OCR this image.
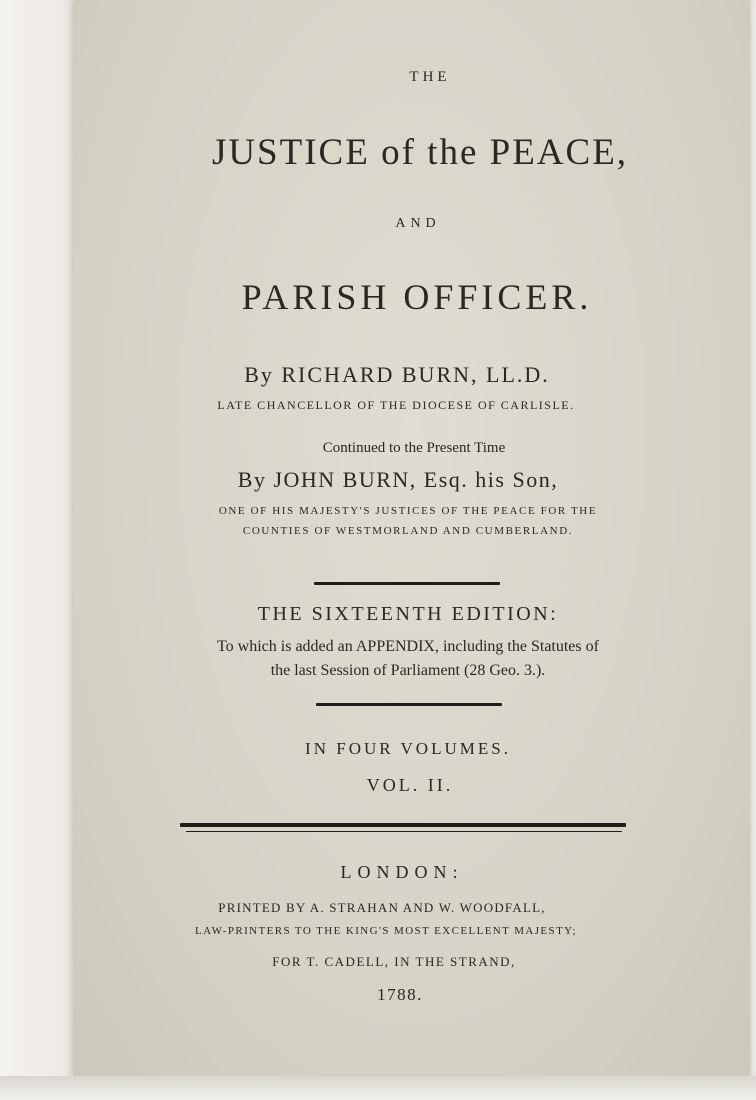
THE
JUSTICE of the PEACE,
AND
PARISH OFFICER.
By RICHARD BURN, LL.D.
LATE CHANCELLOR OF THE DIOCESE OF CARLISLE.
Continued to the Present Time
By JOHN BURN, Esq. his Son,
ONE OF HIS MAJESTY'S JUSTICES OF THE PEACE FOR THE
COUNTIES OF WESTMORLAND AND CUMBERLAND.
THE SIXTEENTH EDITION:
To which is added an APPENDIX, including the Statutes of
the last Session of Parliament (28 Geo. 3.).
IN FOUR VOLUMES.
VOL. II.
LONDON:
PRINTED BY A. STRAHAN AND W. WOODFALL,
LAW-PRINTERS TO THE KING'S MOST EXCELLENT MAJESTY;
FOR T. CADELL, IN THE STRAND,
1788.
